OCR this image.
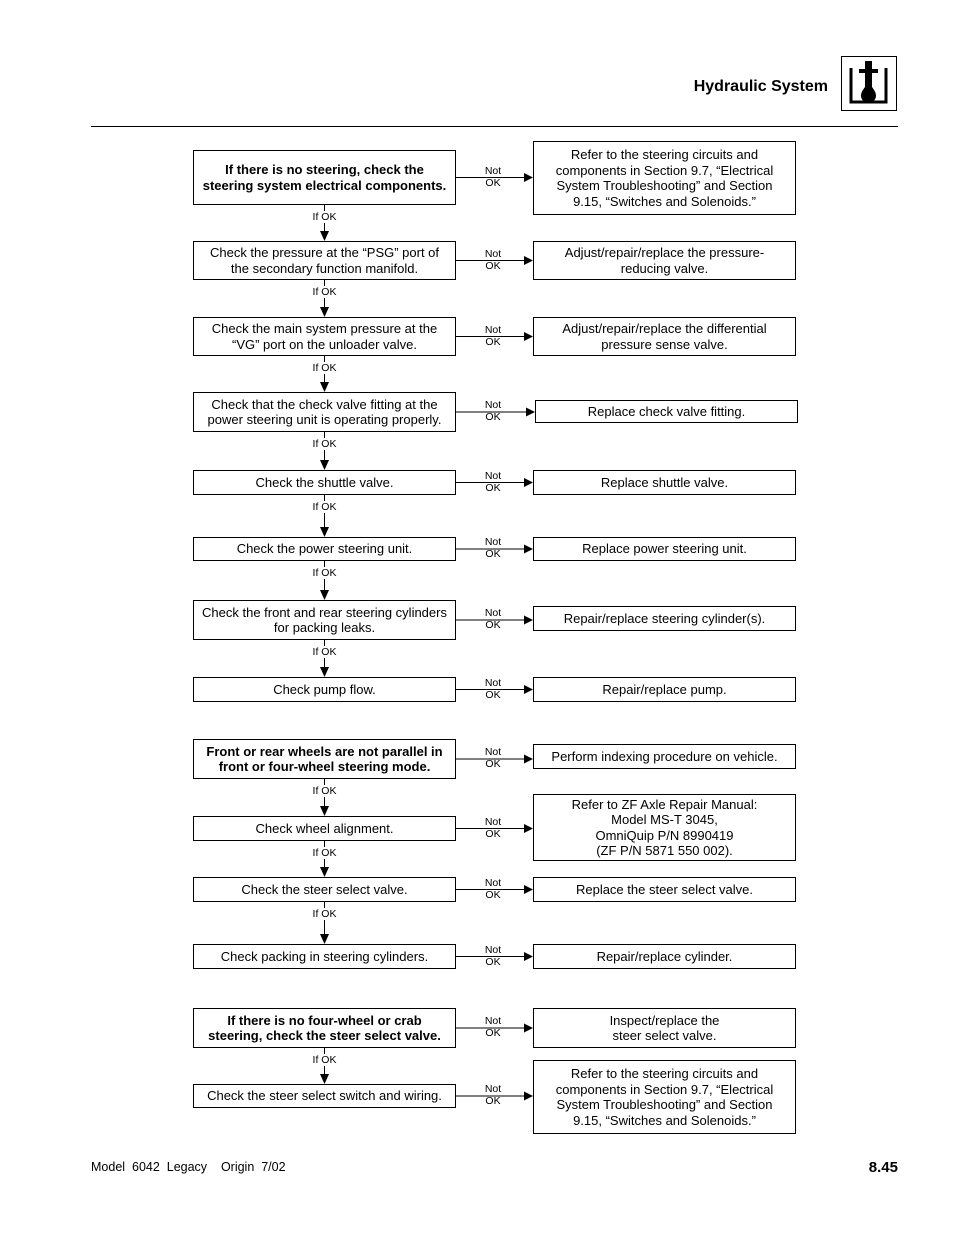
Hydraulic System
If there is no steering, check the steering system electrical components.
Refer to the steering circuits and components in Section 9.7, “Electrical System Troubleshooting” and Section 9.15, “Switches and Solenoids.”
Not
OK
If OK
Check the pressure at the “PSG” port of the secondary function manifold.
Adjust/repair/replace the pressure-reducing valve.
Not
OK
If OK
Check the main system pressure at the “VG” port on the unloader valve.
Adjust/repair/replace the differential pressure sense valve.
Not
OK
If OK
Check that the check valve fitting at the power steering unit is operating properly.
Replace check valve fitting.
Not
OK
If OK
Check the shuttle valve.	Replace shuttle valve.
Not
OK
If OK
Check the power steering unit.	Replace power steering unit.
Not
OK
If OK
Check the front and rear steering cylinders for packing leaks.
Repair/replace steering cylinder(s).
Not
OK
If OK
Check pump flow.	Repair/replace pump.
Not
OK
Front or rear wheels are not parallel in front or four-wheel steering mode.
Perform indexing procedure on vehicle.
Not
OK
If OK
Check wheel alignment.
Refer to ZF Axle Repair Manual:
Model MS-T 3045,
OmniQuip P/N 8990419
(ZF P/N 5871 550 002).
Not
OK
If OK
Check the steer select valve.	Replace the steer select valve.
Not
OK
If OK
Check packing in steering cylinders.	Repair/replace cylinder.
Not
OK
If there is no four-wheel or crab steering, check the steer select valve.
Inspect/replace the
steer select valve.
Not
OK
If OK
Check the steer select switch and wiring.
Refer to the steering circuits and components in Section 9.7, “Electrical System Troubleshooting” and Section 9.15, “Switches and Solenoids.”
Not
OK
Model  6042  Legacy    Origin  7/02	8.45
